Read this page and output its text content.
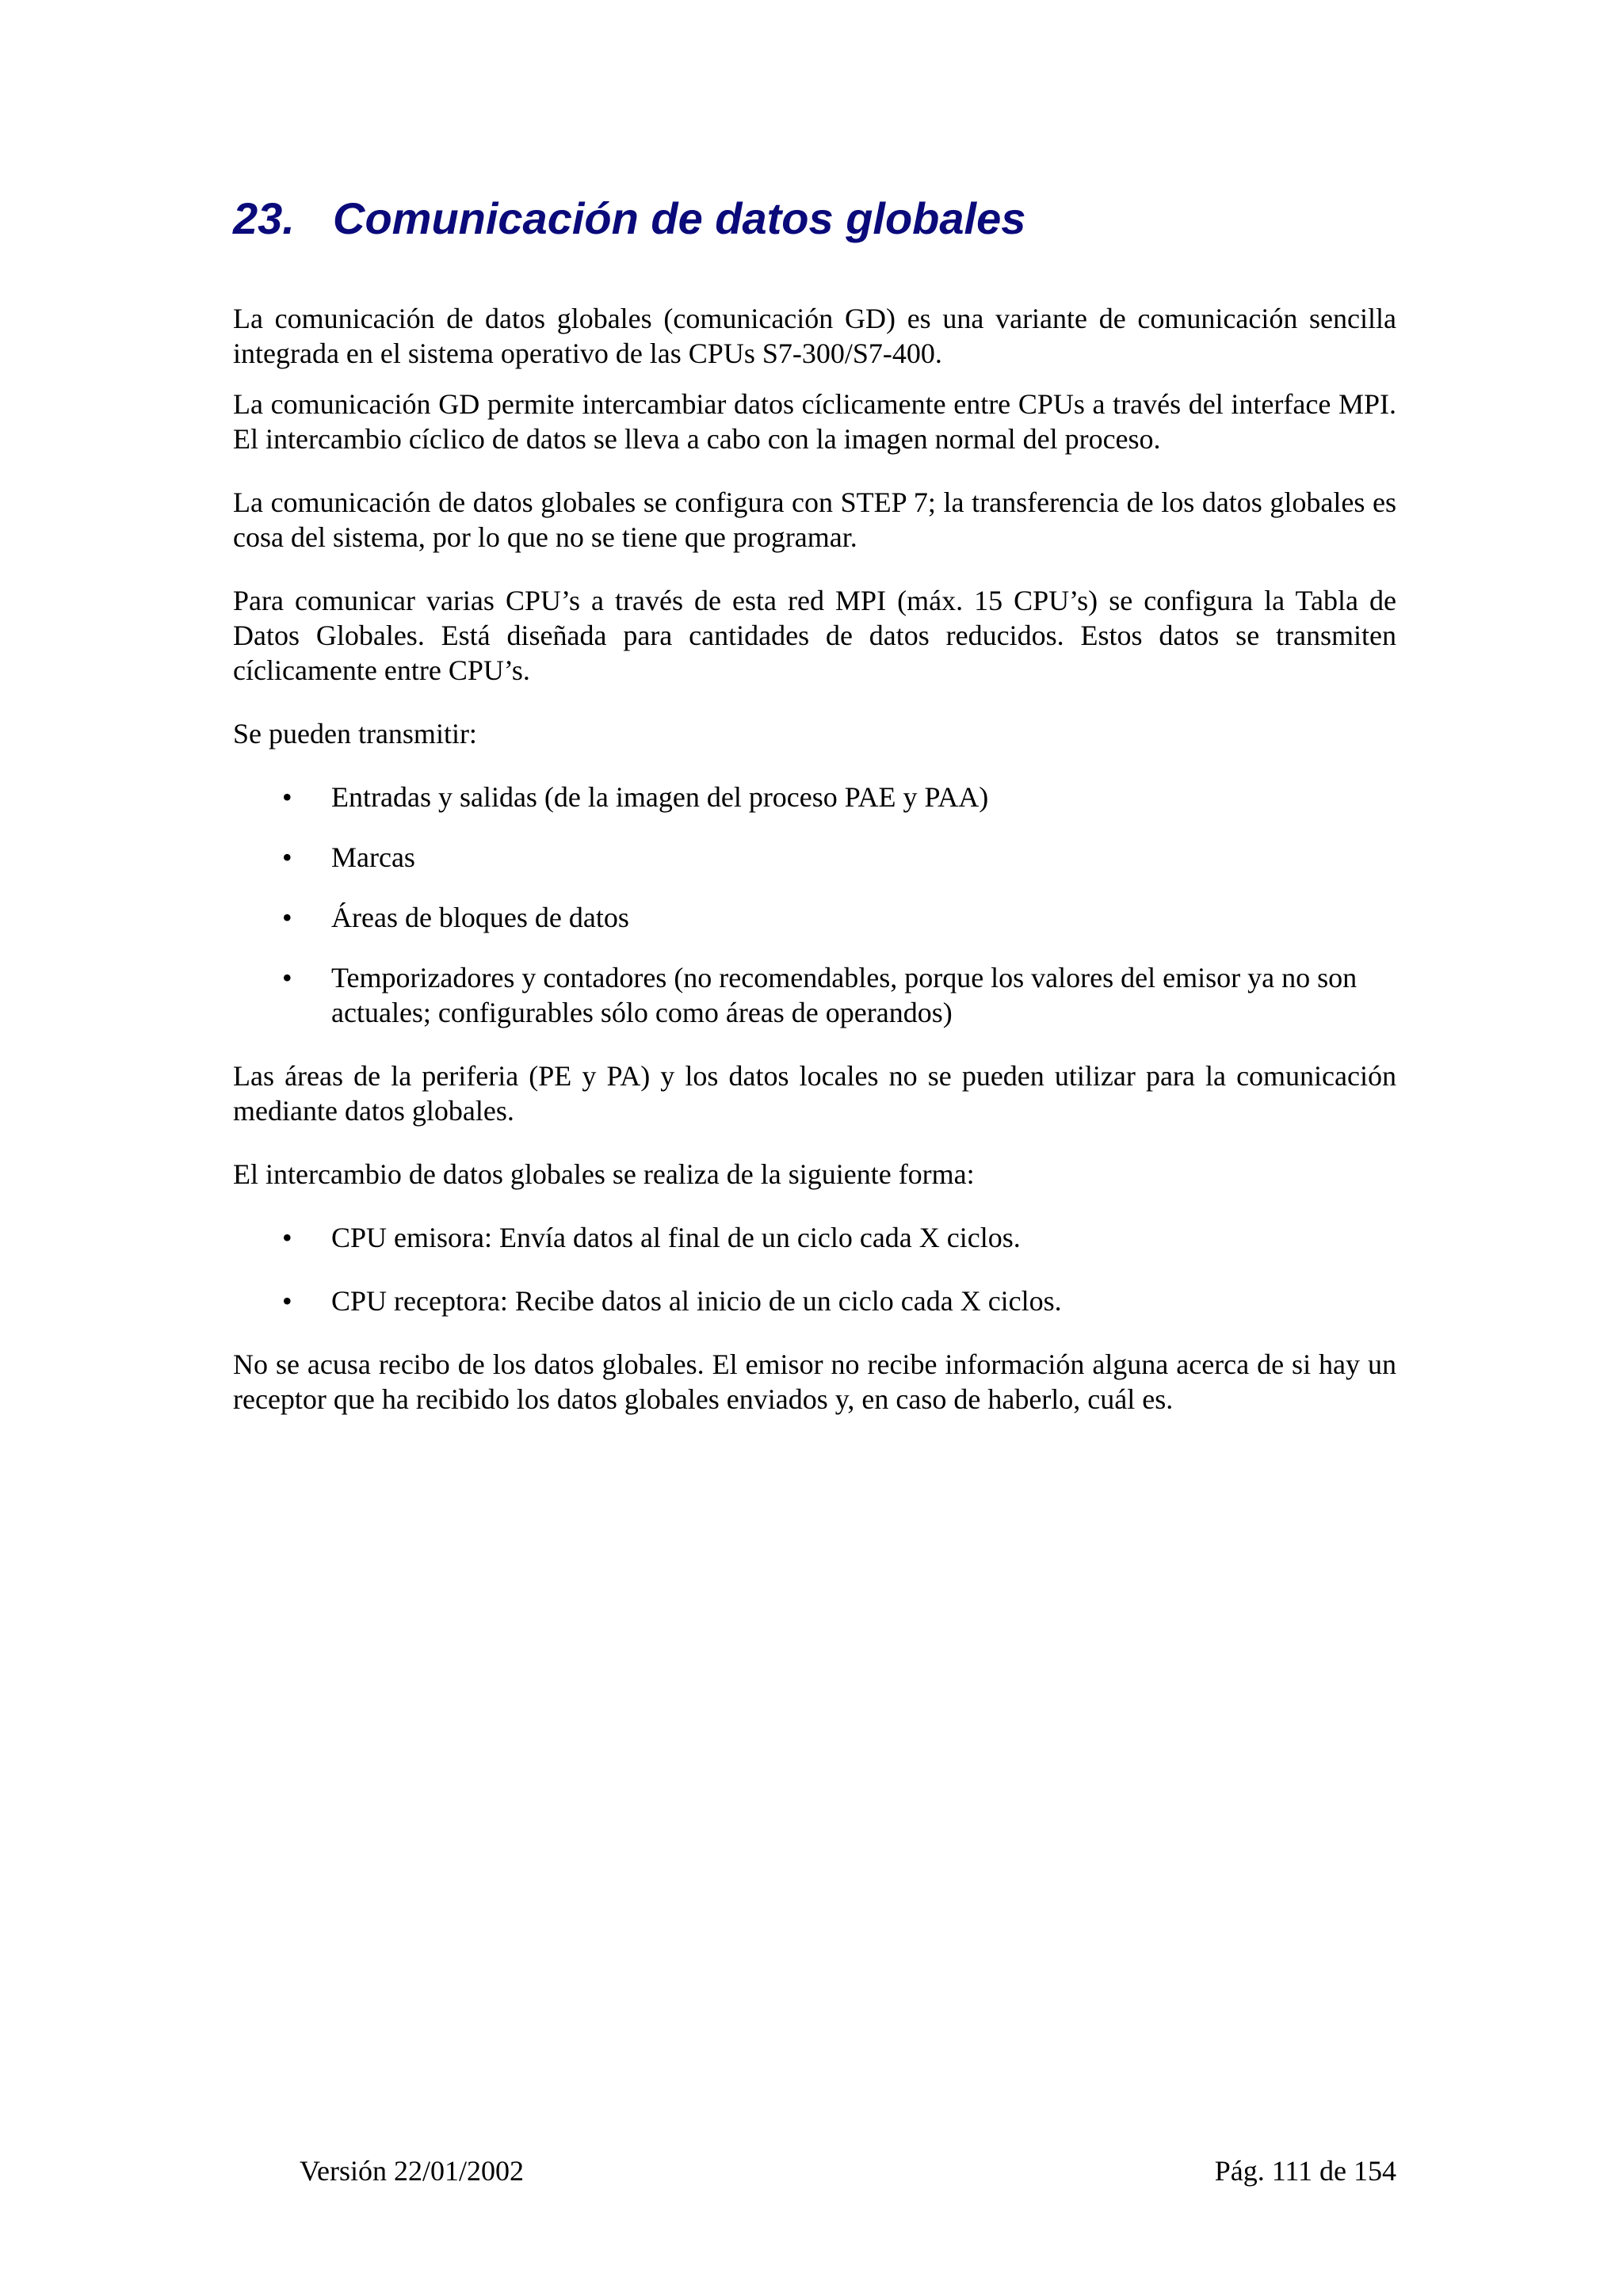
23. Comunicación de datos globales

La comunicación de datos globales (comunicación GD) es una variante de comunicación sencilla integrada en el sistema operativo de las CPUs S7-300/S7-400.

La comunicación GD permite intercambiar datos cíclicamente entre CPUs a través del interface MPI. El intercambio cíclico de datos se lleva a cabo con la imagen normal del proceso.

La comunicación de datos globales se configura con STEP 7; la transferencia de los datos globales es cosa del sistema, por lo que no se tiene que programar.

Para comunicar varias CPU’s a través de esta red MPI (máx. 15 CPU’s) se configura la Tabla de Datos Globales. Está diseñada para cantidades de datos reducidos. Estos datos se transmiten cíclicamente entre CPU’s.

Se pueden transmitir:

• Entradas y salidas (de la imagen del proceso PAE y PAA)
• Marcas
• Áreas de bloques de datos
• Temporizadores y contadores (no recomendables, porque los valores del emisor ya no son actuales; configurables sólo como áreas de operandos)

Las áreas de la periferia (PE y PA) y los datos locales no se pueden utilizar para la comunicación mediante datos globales.

El intercambio de datos globales se realiza de la siguiente forma:

• CPU emisora: Envía datos al final de un ciclo cada X ciclos.
• CPU receptora: Recibe datos al inicio de un ciclo cada X ciclos.

No se acusa recibo de los datos globales. El emisor no recibe información alguna acerca de si hay un receptor que ha recibido los datos globales enviados y, en caso de haberlo, cuál es.

Versión 22/01/2002	Pág. 111 de 154
